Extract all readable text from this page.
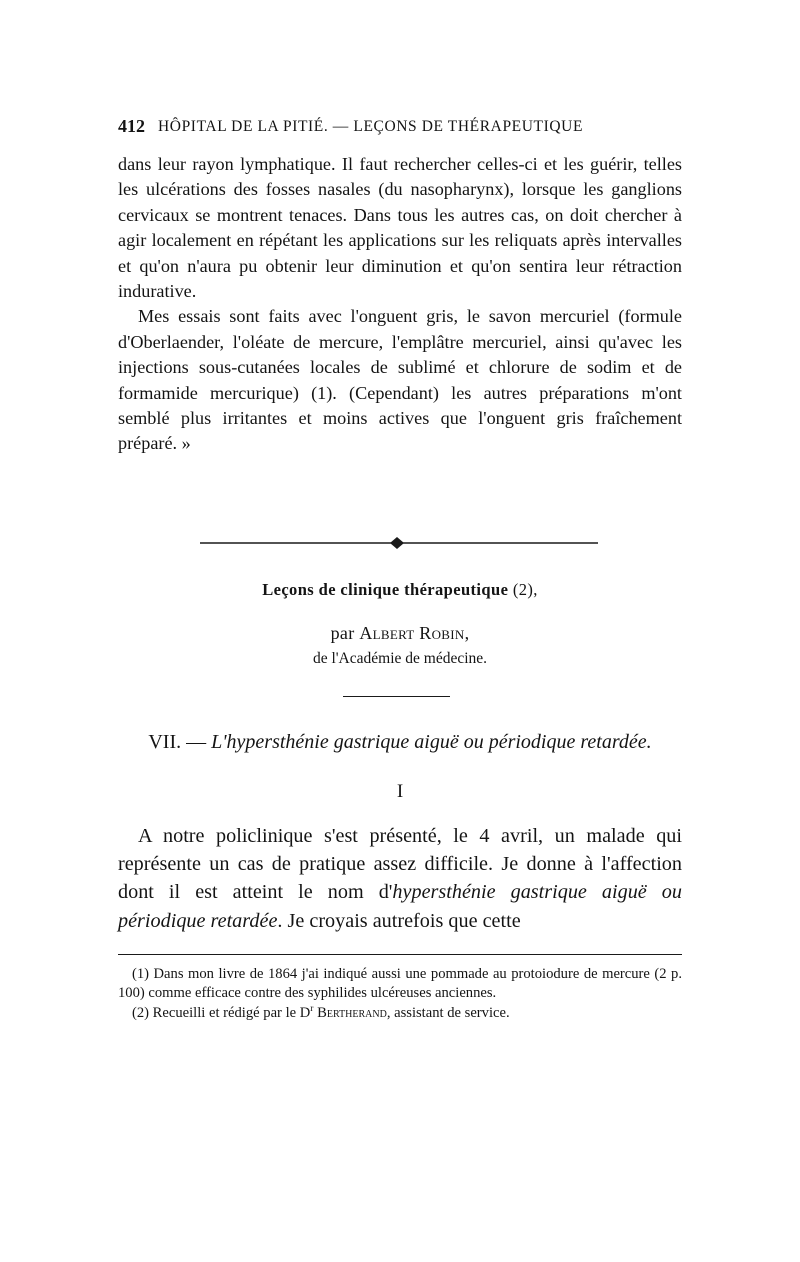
412 HÔPITAL DE LA PITIÉ. — LEÇONS DE THÉRAPEUTIQUE

dans leur rayon lymphatique. Il faut rechercher celles-ci et les guérir, telles les ulcérations des fosses nasales (du nasopharynx), lorsque les ganglions cervicaux se montrent tenaces. Dans tous les autres cas, on doit chercher à agir localement en répétant les applications sur les reliquats après intervalles et qu'on n'aura pu obtenir leur diminution et qu'on sentira leur rétraction indurative.

Mes essais sont faits avec l'onguent gris, le savon mercuriel (formule d'Oberlaender, l'oléate de mercure, l'emplâtre mercuriel, ainsi qu'avec les injections sous-cutanées locales de sublimé et chlorure de sodim et de formamide mercurique) (1). (Cependant) les autres préparations m'ont semblé plus irritantes et moins actives que l'onguent gris fraîchement préparé. »

Leçons de clinique thérapeutique (2),
par Albert Robin,
de l'Académie de médecine.
VII. — L'hypersthénie gastrique aiguë ou périodique retardée.
I

A notre policlinique s'est présenté, le 4 avril, un malade qui représente un cas de pratique assez difficile. Je donne à l'affection dont il est atteint le nom d'hypersthénie gastrique aiguë ou périodique retardée. Je croyais autrefois que cette

(1) Dans mon livre de 1864 j'ai indiqué aussi une pommade au protoiodure de mercure (2 p. 100) comme efficace contre des syphilides ulcéreuses anciennes.

(2) Recueilli et rédigé par le $D^r$ Bertherand, assistant de service.
